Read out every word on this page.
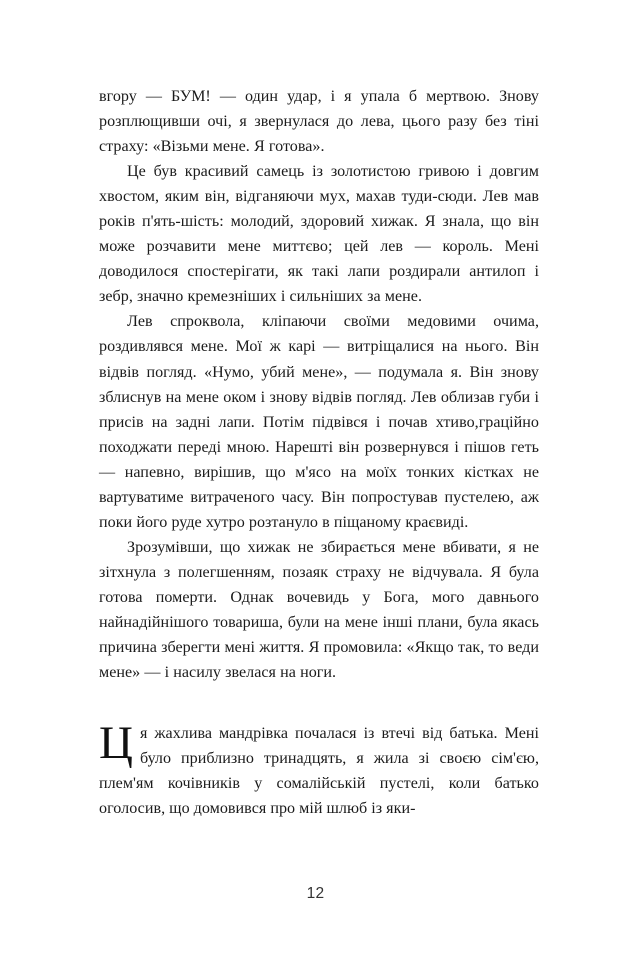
вгору — БУМ! — один удар, і я упала б мертвою. Знову розплющивши очі, я звернулася до лева, цього разу без тіні страху: «Візьми мене. Я готова».

Це був красивий самець із золотистою гривою і довгим хвостом, яким він, відганяючи мух, махав туди-сюди. Лев мав років п'ять-шість: молодий, здоровий хижак. Я знала, що він може розчавити мене миттєво; цей лев — король. Мені доводилося спостерігати, як такі лапи роздирали антилоп і зебр, значно кремезніших і сильніших за мене.

Лев спроквола, кліпаючи своїми медовими очима, роздивлявся мене. Мої ж карі — витріщалися на нього. Він відвів погляд. «Нумо, убий мене», — подумала я. Він знову зблиснув на мене оком і знову відвів погляд. Лев облизав губи і присів на задні лапи. Потім підвівся і почав хтиво,граційно походжати переді мною. Нарешті він розвернувся і пішов геть — напевно, вирішив, що м'ясо на моїх тонких кістках не вартуватиме витраченого часу. Він попростував пустелею, аж поки його руде хутро розтануло в піщаному краєвиді.

Зрозумівши, що хижак не збирається мене вбивати, я не зітхнула з полегшенням, позаяк страху не відчувала. Я була готова померти. Однак вочевидь у Бога, мого давнього найнадійнішого товариша, були на мене інші плани, була якась причина зберегти мені життя. Я промовила: «Якщо так, то веди мене» — і насилу звелася на ноги.

Ця жахлива мандрівка почалася із втечі від батька. Мені було приблизно тринадцять, я жила зі своєю сім'єю, плем'ям кочівників у сомалійській пустелі, коли батько оголосив, що домовився про мій шлюб із яки-

12
